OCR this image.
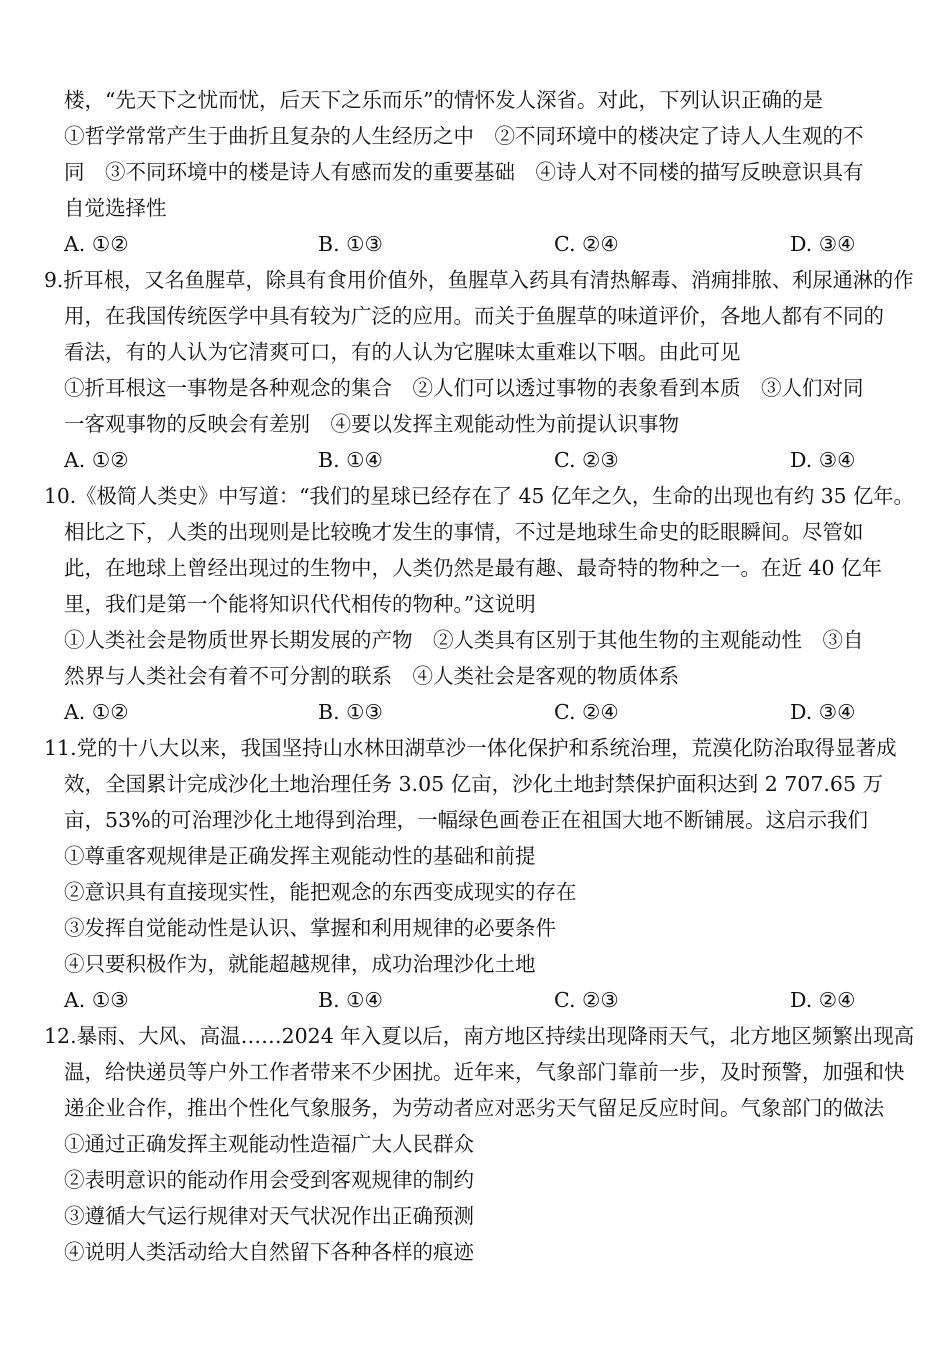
楼，“先天下之忧而忧，后天下之乐而乐”的情怀发人深省。对此，下列认识正确的是
①哲学常常产生于曲折且复杂的人生经历之中　②不同环境中的楼决定了诗人人生观的不
同　③不同环境中的楼是诗人有感而发的重要基础　④诗人对不同楼的描写反映意识具有
自觉选择性
A. ①②	B. ①③	C. ②④	D. ③④
9.折耳根，又名鱼腥草，除具有食用价值外，鱼腥草入药具有清热解毒、消痈排脓、利尿通淋的作
用，在我国传统医学中具有较为广泛的应用。而关于鱼腥草的味道评价，各地人都有不同的
看法，有的人认为它清爽可口，有的人认为它腥味太重难以下咽。由此可见
①折耳根这一事物是各种观念的集合　②人们可以透过事物的表象看到本质　③人们对同
一客观事物的反映会有差别　④要以发挥主观能动性为前提认识事物
A. ①②	B. ①④	C. ②③	D. ③④
10.《极简人类史》中写道：“我们的星球已经存在了 45 亿年之久，生命的出现也有约 35 亿年。
相比之下，人类的出现则是比较晚才发生的事情，不过是地球生命史的眨眼瞬间。尽管如
此，在地球上曾经出现过的生物中，人类仍然是最有趣、最奇特的物种之一。在近 40 亿年
里，我们是第一个能将知识代代相传的物种。”这说明
①人类社会是物质世界长期发展的产物　②人类具有区别于其他生物的主观能动性　③自
然界与人类社会有着不可分割的联系　④人类社会是客观的物质体系
A. ①②	B. ①③	C. ②④	D. ③④
11.党的十八大以来，我国坚持山水林田湖草沙一体化保护和系统治理，荒漠化防治取得显著成
效，全国累计完成沙化土地治理任务 3.05 亿亩，沙化土地封禁保护面积达到 2 707.65 万
亩，53%的可治理沙化土地得到治理，一幅绿色画卷正在祖国大地不断铺展。这启示我们
①尊重客观规律是正确发挥主观能动性的基础和前提
②意识具有直接现实性，能把观念的东西变成现实的存在
③发挥自觉能动性是认识、掌握和利用规律的必要条件
④只要积极作为，就能超越规律，成功治理沙化土地
A. ①③	B. ①④	C. ②③	D. ②④
12.暴雨、大风、高温……2024 年入夏以后，南方地区持续出现降雨天气，北方地区频繁出现高
温，给快递员等户外工作者带来不少困扰。近年来，气象部门靠前一步，及时预警，加强和快
递企业合作，推出个性化气象服务，为劳动者应对恶劣天气留足反应时间。气象部门的做法
①通过正确发挥主观能动性造福广大人民群众
②表明意识的能动作用会受到客观规律的制约
③遵循大气运行规律对天气状况作出正确预测
④说明人类活动给大自然留下各种各样的痕迹
